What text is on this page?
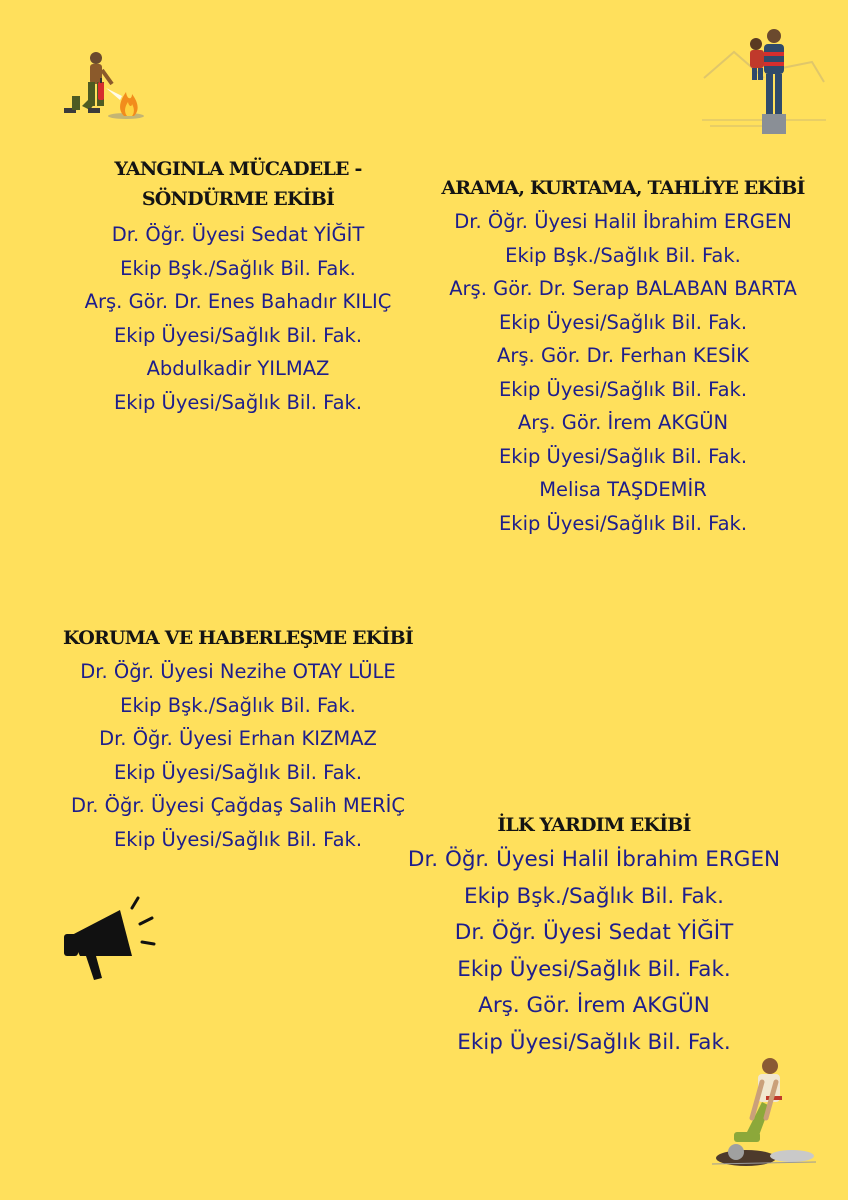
YANGINLA MÜCADELE -
SÖNDÜRME EKİBİ
Dr. Öğr. Üyesi Sedat YİĞİT
Ekip Bşk./Sağlık Bil. Fak.
Arş. Gör. Dr. Enes Bahadır KILIÇ
Ekip Üyesi/Sağlık Bil. Fak.
Abdulkadir YILMAZ
Ekip Üyesi/Sağlık Bil. Fak.
ARAMA, KURTAMA, TAHLİYE EKİBİ
Dr. Öğr. Üyesi Halil İbrahim ERGEN
Ekip Bşk./Sağlık Bil. Fak.
Arş. Gör. Dr. Serap BALABAN BARTA
Ekip Üyesi/Sağlık Bil. Fak.
Arş. Gör. Dr. Ferhan KESİK
Ekip Üyesi/Sağlık Bil. Fak.
Arş. Gör. İrem AKGÜN
Ekip Üyesi/Sağlık Bil. Fak.
Melisa TAŞDEMİR
Ekip Üyesi/Sağlık Bil. Fak.
KORUMA VE HABERLEŞME EKİBİ
Dr. Öğr. Üyesi Nezihe OTAY LÜLE
Ekip Bşk./Sağlık Bil. Fak.
Dr. Öğr. Üyesi Erhan KIZMAZ
Ekip Üyesi/Sağlık Bil. Fak.
Dr. Öğr. Üyesi Çağdaş Salih MERİÇ
Ekip Üyesi/Sağlık Bil. Fak.
İLK YARDIM EKİBİ
Dr. Öğr. Üyesi Halil İbrahim ERGEN
Ekip Bşk./Sağlık Bil. Fak.
Dr. Öğr. Üyesi Sedat YİĞİT
Ekip Üyesi/Sağlık Bil. Fak.
Arş. Gör. İrem AKGÜN
Ekip Üyesi/Sağlık Bil. Fak.
